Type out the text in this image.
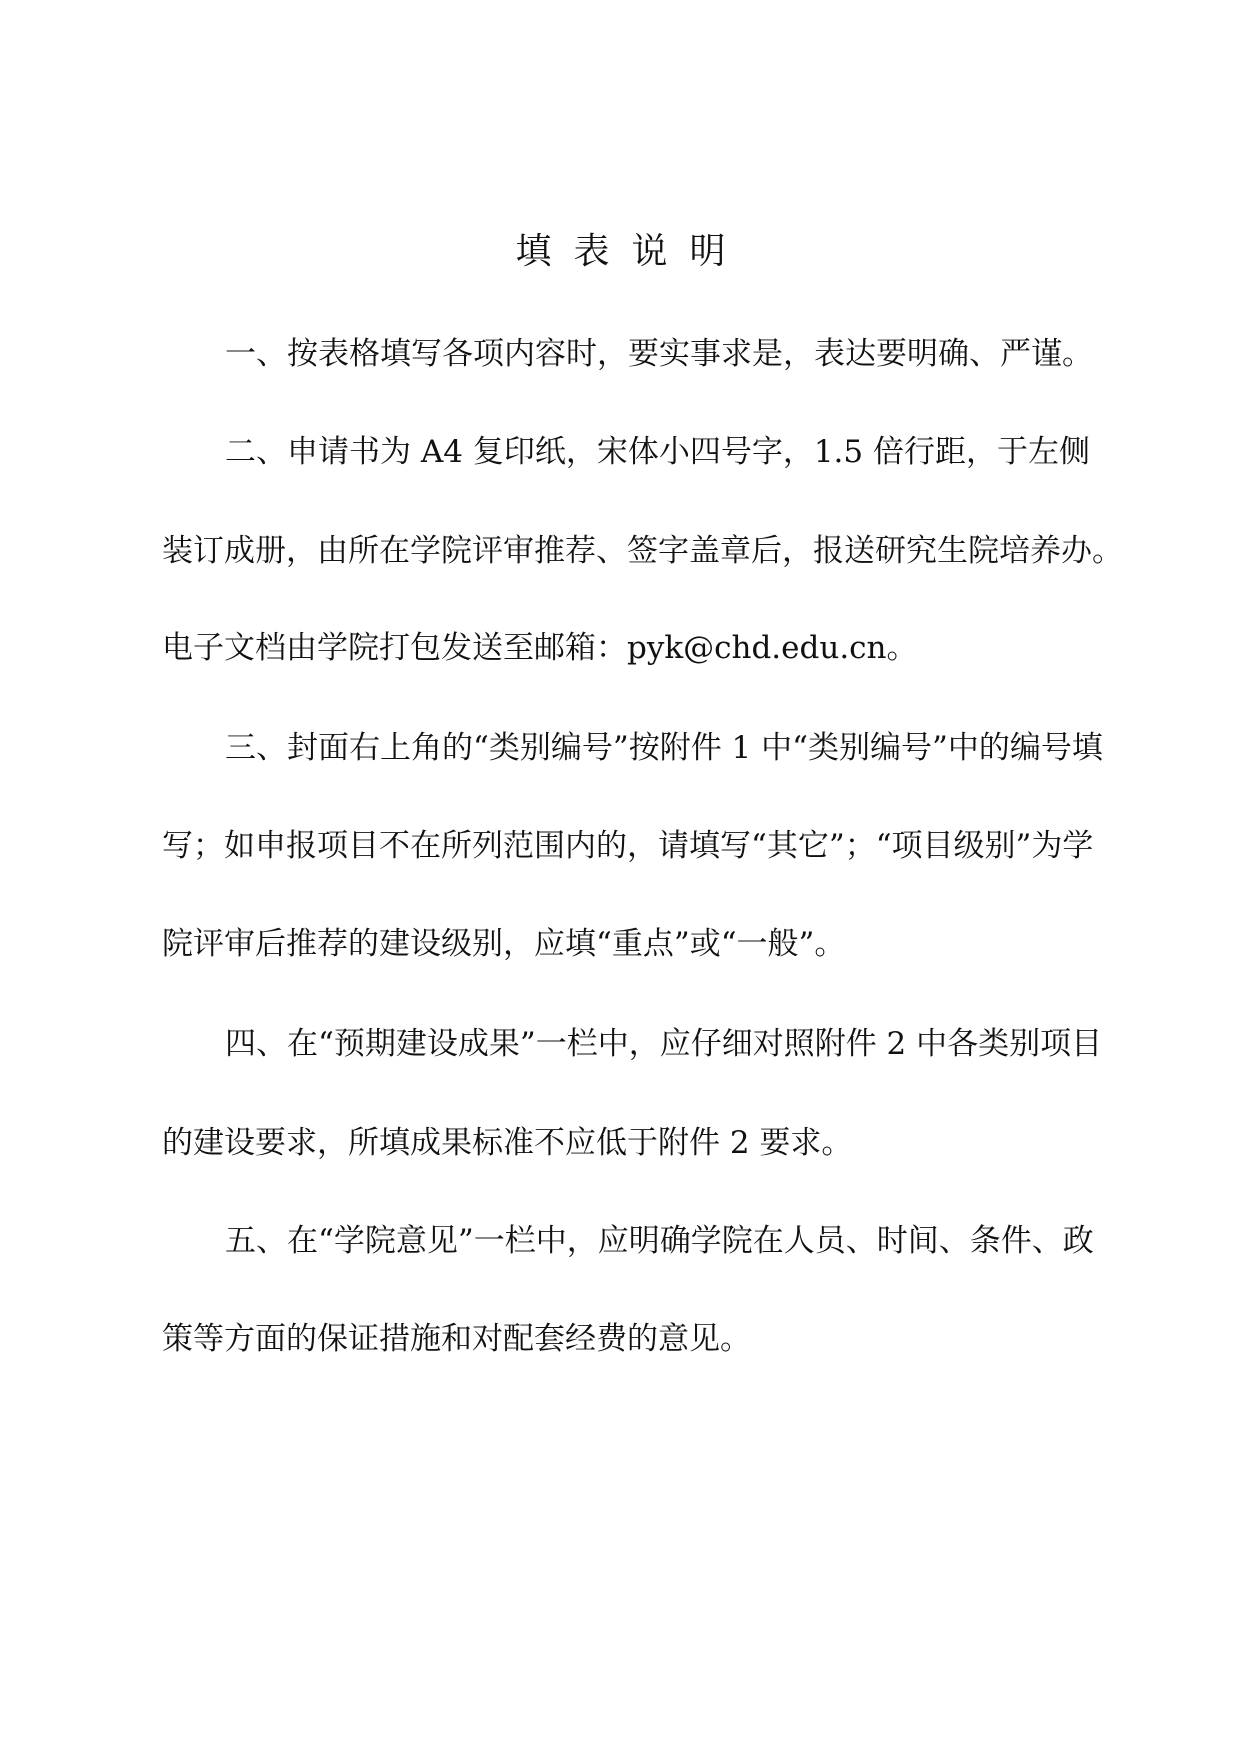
填表说明
一、按表格填写各项内容时，要实事求是，表达要明确、严谨。
二、申请书为 A4 复印纸，宋体小四号字，1.5 倍行距，于左侧
装订成册，由所在学院评审推荐、签字盖章后，报送研究生院培养办。
电子文档由学院打包发送至邮箱：pyk@chd.edu.cn。
三、封面右上角的“类别编号”按附件 1 中“类别编号”中的编号填
写；如申报项目不在所列范围内的，请填写“其它”；“项目级别”为学
院评审后推荐的建设级别，应填“重点”或“一般”。
四、在“预期建设成果”一栏中，应仔细对照附件 2 中各类别项目
的建设要求，所填成果标准不应低于附件 2 要求。
五、在“学院意见”一栏中，应明确学院在人员、时间、条件、政
策等方面的保证措施和对配套经费的意见。
